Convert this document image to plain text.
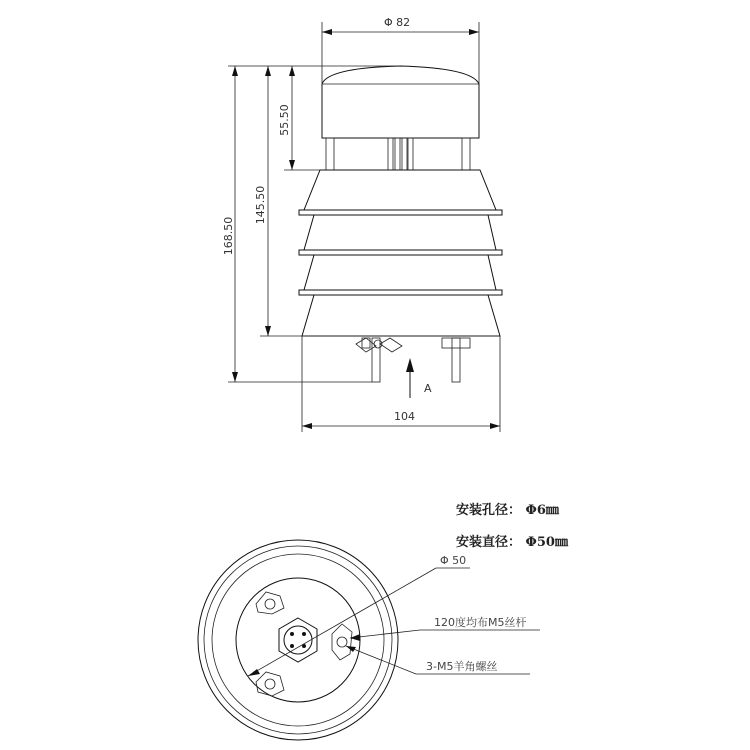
A
Φ 82
168.50
145.50
55.50
104
安装孔径： Φ6㎜
安装直径： Φ50㎜
Φ 50
120度均布M5丝杆
3-M5羊角螺丝
